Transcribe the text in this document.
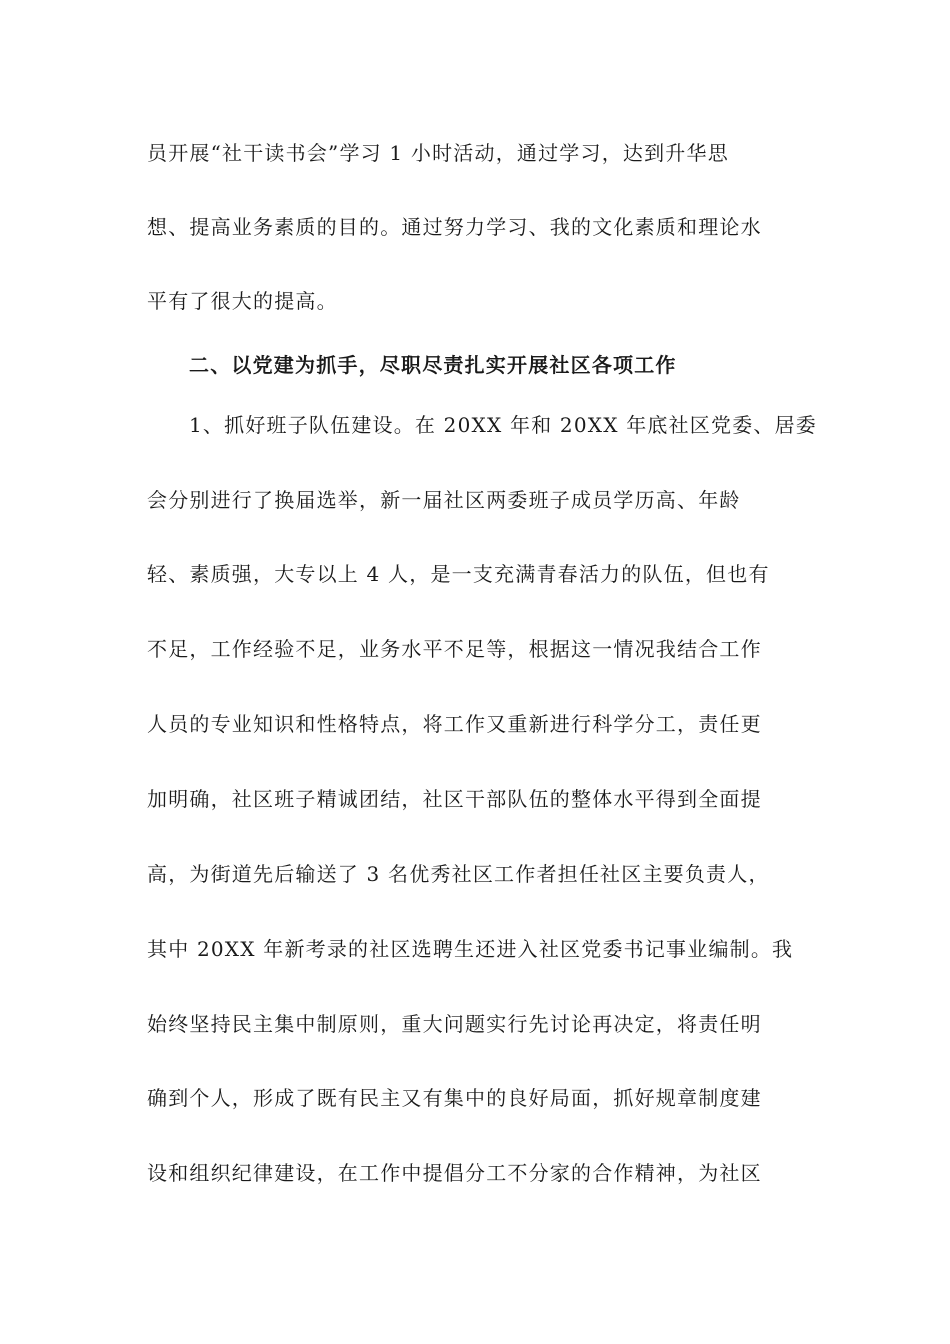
员开展“社干读书会”学习 1 小时活动，通过学习，达到升华思
想、提高业务素质的目的。通过努力学习、我的文化素质和理论水
平有了很大的提高。
二、以党建为抓手，尽职尽责扎实开展社区各项工作
1、抓好班子队伍建设。在 20XX 年和 20XX 年底社区党委、居委
会分别进行了换届选举，新一届社区两委班子成员学历高、年龄
轻、素质强，大专以上 4 人，是一支充满青春活力的队伍，但也有
不足，工作经验不足，业务水平不足等，根据这一情况我结合工作
人员的专业知识和性格特点，将工作又重新进行科学分工，责任更
加明确，社区班子精诚团结，社区干部队伍的整体水平得到全面提
高，为街道先后输送了 3 名优秀社区工作者担任社区主要负责人，
其中 20XX 年新考录的社区选聘生还进入社区党委书记事业编制。我
始终坚持民主集中制原则，重大问题实行先讨论再决定，将责任明
确到个人，形成了既有民主又有集中的良好局面，抓好规章制度建
设和组织纪律建设，在工作中提倡分工不分家的合作精神，为社区
